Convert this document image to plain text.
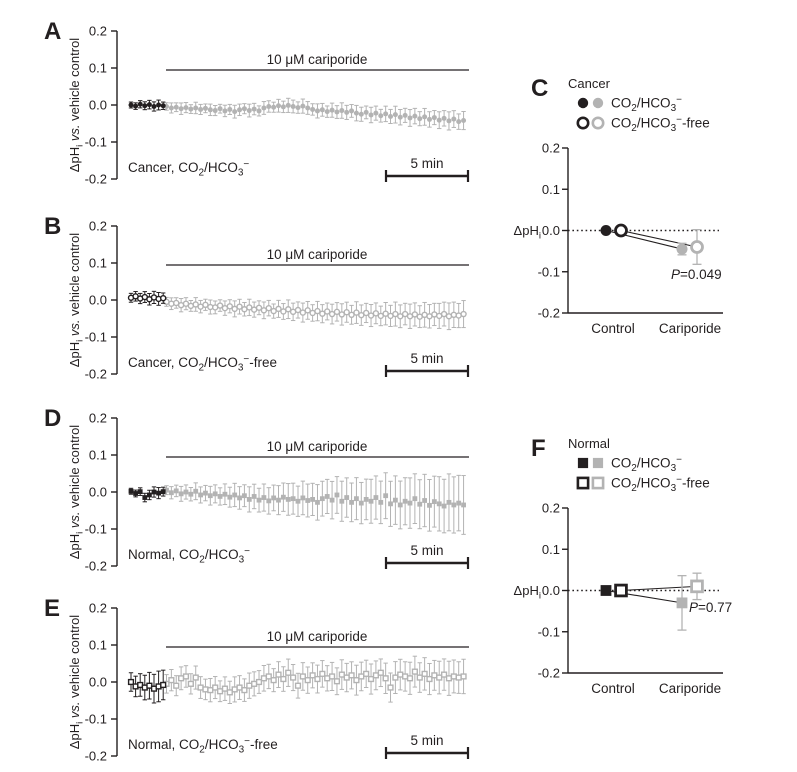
A 0.2
0.1
0.0
-0.1
-0.2
ΔpH$_i$ vs. vehicle control	10 μM cariporide
Cancer, $CO_2/HCO_3^-$	5 min
B 0.2
0.1
0.0
-0.1
-0.2
ΔpH$_i$ vs. vehicle control	10 μM cariporide
Cancer, $CO_2/HCO_3^-$-free	5 min
C Cancer
$CO_2/HCO_3^-$
$CO_2/HCO_3^-$-free
0.2
0.1
0.0
-0.1
-0.2
ΔpH$_i$
Control Cariporide
P=0.049
D 0.2
0.1
0.0
-0.1
-0.2
ΔpH$_i$ vs. vehicle control	10 μM cariporide
Normal, $CO_2/HCO_3^-$	5 min
E 0.2
0.1
0.0
-0.1
-0.2
ΔpH$_i$ vs. vehicle control	10 μM cariporide
Normal, $CO_2/HCO_3^-$-free	5 min
F Normal
$CO_2/HCO_3^-$
$CO_2/HCO_3^-$-free
0.2
0.1
0.0
-0.1
-0.2
ΔpH$_i$
Control Cariporide
P=0.77
